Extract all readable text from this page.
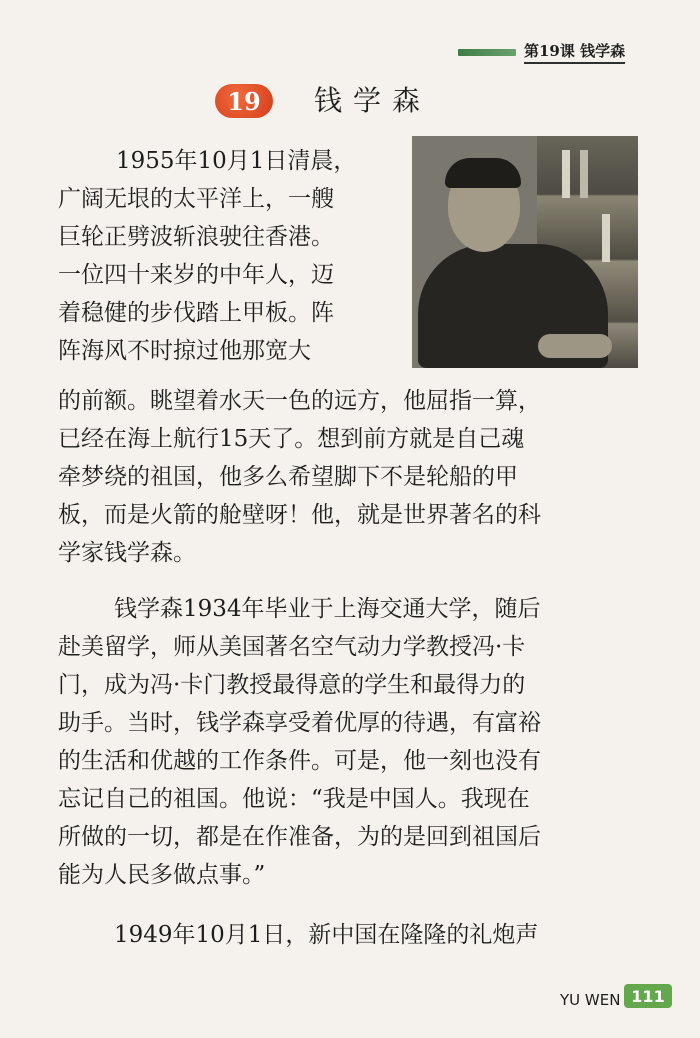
第19课 钱学森
19	钱学森
1955年10月1日清晨，
广阔无垠的太平洋上，一艘
巨轮正劈波斩浪驶往香港。
一位四十来岁的中年人，迈
着稳健的步伐踏上甲板。阵
阵海风不时掠过他那宽大
的前额。眺望着水天一色的远方，他屈指一算，
已经在海上航行15天了。想到前方就是自己魂
牵梦绕的祖国，他多么希望脚下不是轮船的甲
板，而是火箭的舱壁呀！他，就是世界著名的科
学家钱学森。
钱学森1934年毕业于上海交通大学，随后
赴美留学，师从美国著名空气动力学教授冯·卡
门，成为冯·卡门教授最得意的学生和最得力的
助手。当时，钱学森享受着优厚的待遇，有富裕
的生活和优越的工作条件。可是，他一刻也没有
忘记自己的祖国。他说：“我是中国人。我现在
所做的一切，都是在作准备，为的是回到祖国后
能为人民多做点事。”
1949年10月1日，新中国在隆隆的礼炮声
YU WEN 111
